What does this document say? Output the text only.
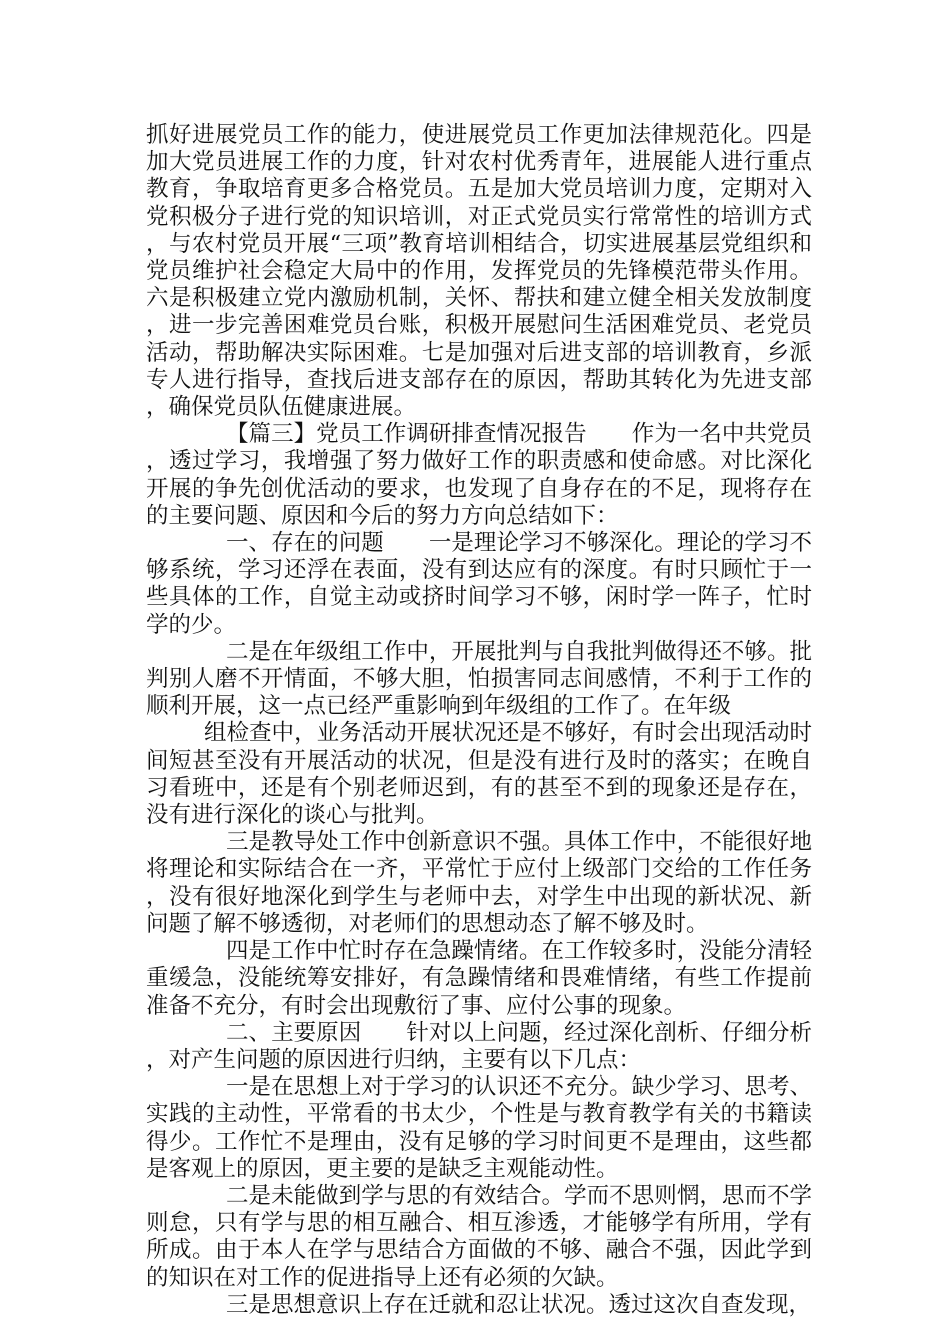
抓好进展党员工作的能力，使进展党员工作更加法律规范化。四是加大党员进展工作的力度，针对农村优秀青年，进展能人进行重点教育，争取培育更多合格党员。五是加大党员培训力度，定期对入党积极分子进行党的知识培训，对正式党员实行常常性的培训方式，与农村党员开展“三项”教育培训相结合，切实进展基层党组织和党员维护社会稳定大局中的作用，发挥党员的先锋模范带头作用。六是积极建立党内激励机制，关怀、帮扶和建立健全相关发放制度，进一步完善困难党员台账，积极开展慰问生活困难党员、老党员活动，帮助解决实际困难。七是加强对后进支部的培训教育，乡派专人进行指导，查找后进支部存在的原因，帮助其转化为先进支部，确保党员队伍健康进展。

【篇三】党员工作调研排查情况报告　　作为一名中共党员，透过学习，我增强了努力做好工作的职责感和使命感。对比深化开展的争先创优活动的要求，也发现了自身存在的不足，现将存在的主要问题、原因和今后的努力方向总结如下：

一、存在的问题　　一是理论学习不够深化。理论的学习不够系统，学习还浮在表面，没有到达应有的深度。有时只顾忙于一些具体的工作，自觉主动或挤时间学习不够，闲时学一阵子，忙时学的少。

二是在年级组工作中，开展批判与自我批判做得还不够。批判别人磨不开情面，不够大胆，怕损害同志间感情，不利于工作的顺利开展，这一点已经严重影响到年级组的工作了。在年级

组检查中，业务活动开展状况还是不够好，有时会出现活动时间短甚至没有开展活动的状况，但是没有进行及时的落实；在晚自习看班中，还是有个别老师迟到，有的甚至不到的现象还是存在，没有进行深化的谈心与批判。

三是教导处工作中创新意识不强。具体工作中，不能很好地将理论和实际结合在一齐，平常忙于应付上级部门交给的工作任务，没有很好地深化到学生与老师中去，对学生中出现的新状况、新问题了解不够透彻，对老师们的思想动态了解不够及时。

四是工作中忙时存在急躁情绪。在工作较多时，没能分清轻重缓急，没能统筹安排好，有急躁情绪和畏难情绪，有些工作提前准备不充分，有时会出现敷衍了事、应付公事的现象。

二、主要原因　　针对以上问题，经过深化剖析、仔细分析，对产生问题的原因进行归纳，主要有以下几点：

一是在思想上对于学习的认识还不充分。缺少学习、思考、实践的主动性，平常看的书太少，个性是与教育教学有关的书籍读得少。工作忙不是理由，没有足够的学习时间更不是理由，这些都是客观上的原因，更主要的是缺乏主观能动性。

二是未能做到学与思的有效结合。学而不思则惘，思而不学则怠，只有学与思的相互融合、相互渗透，才能够学有所用，学有所成。由于本人在学与思结合方面做的不够、融合不强，因此学到的知识在对工作的促进指导上还有必须的欠缺。

三是思想意识上存在迁就和忍让状况。透过这次自查发现，
